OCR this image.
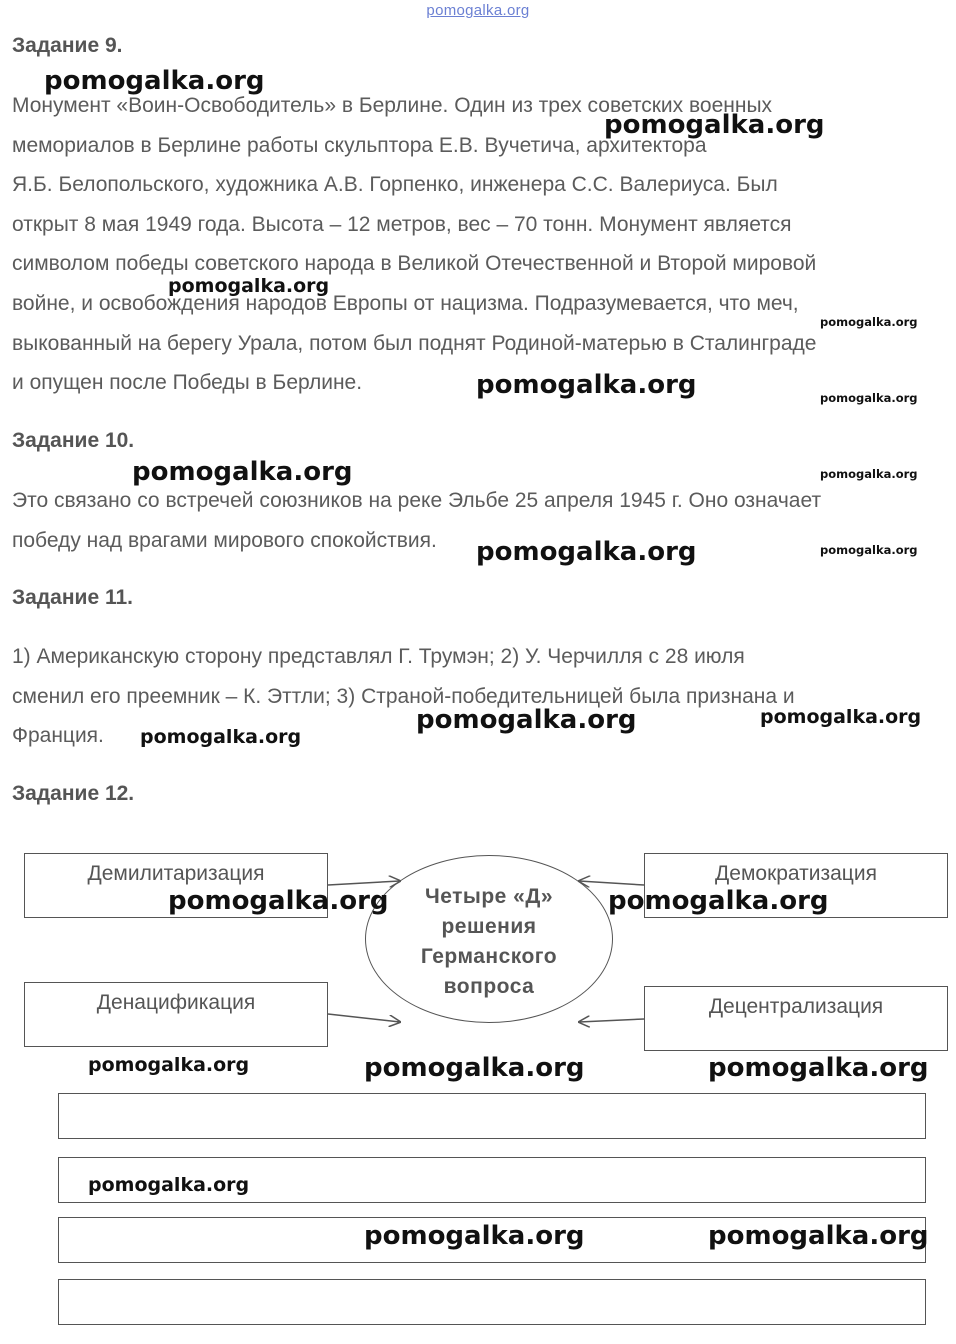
pomogalka.org
Задание 9.

Монумент «Воин-Освободитель» в Берлине. Один из трех советских военных

мемориалов в Берлине работы скульптора Е.В. Вучетича, архитектора

Я.Б. Белопольского, художника А.В. Горпенко, инженера С.С. Валериуса. Был

открыт 8 мая 1949 года. Высота – 12 метров, вес – 70 тонн. Монумент является

символом победы советского народа в Великой Отечественной и Второй мировой

войне, и освобождения народов Европы от нацизма. Подразумевается, что меч,

выкованный на берегу Урала, потом был поднят Родиной-матерью в Сталинграде

и опущен после Победы в Берлине.

Задание 10.

Это связано со встречей союзников на реке Эльбе 25 апреля 1945 г. Оно означает

победу над врагами мирового спокойствия.

Задание 11.

1) Американскую сторону представлял Г. Трумэн; 2) У. Черчилля с 28 июля

сменил его преемник – К. Эттли; 3) Страной-победительницей была признана и

Франция.

Задание 12.
Демилитаризация	Демократизация
Денацификация	Децентрализация
Четыре «Д»
решения
Германского
вопроса
pomogalka.org
pomogalka.org
pomogalka.org
pomogalka.org
pomogalka.org	pomogalka.org
pomogalka.org	pomogalka.org
pomogalka.org	pomogalka.org
pomogalka.org	pomogalka.org
pomogalka.org
pomogalka.org	pomogalka.org
pomogalka.org	pomogalka.org	pomogalka.org
pomogalka.org
pomogalka.org	pomogalka.org
